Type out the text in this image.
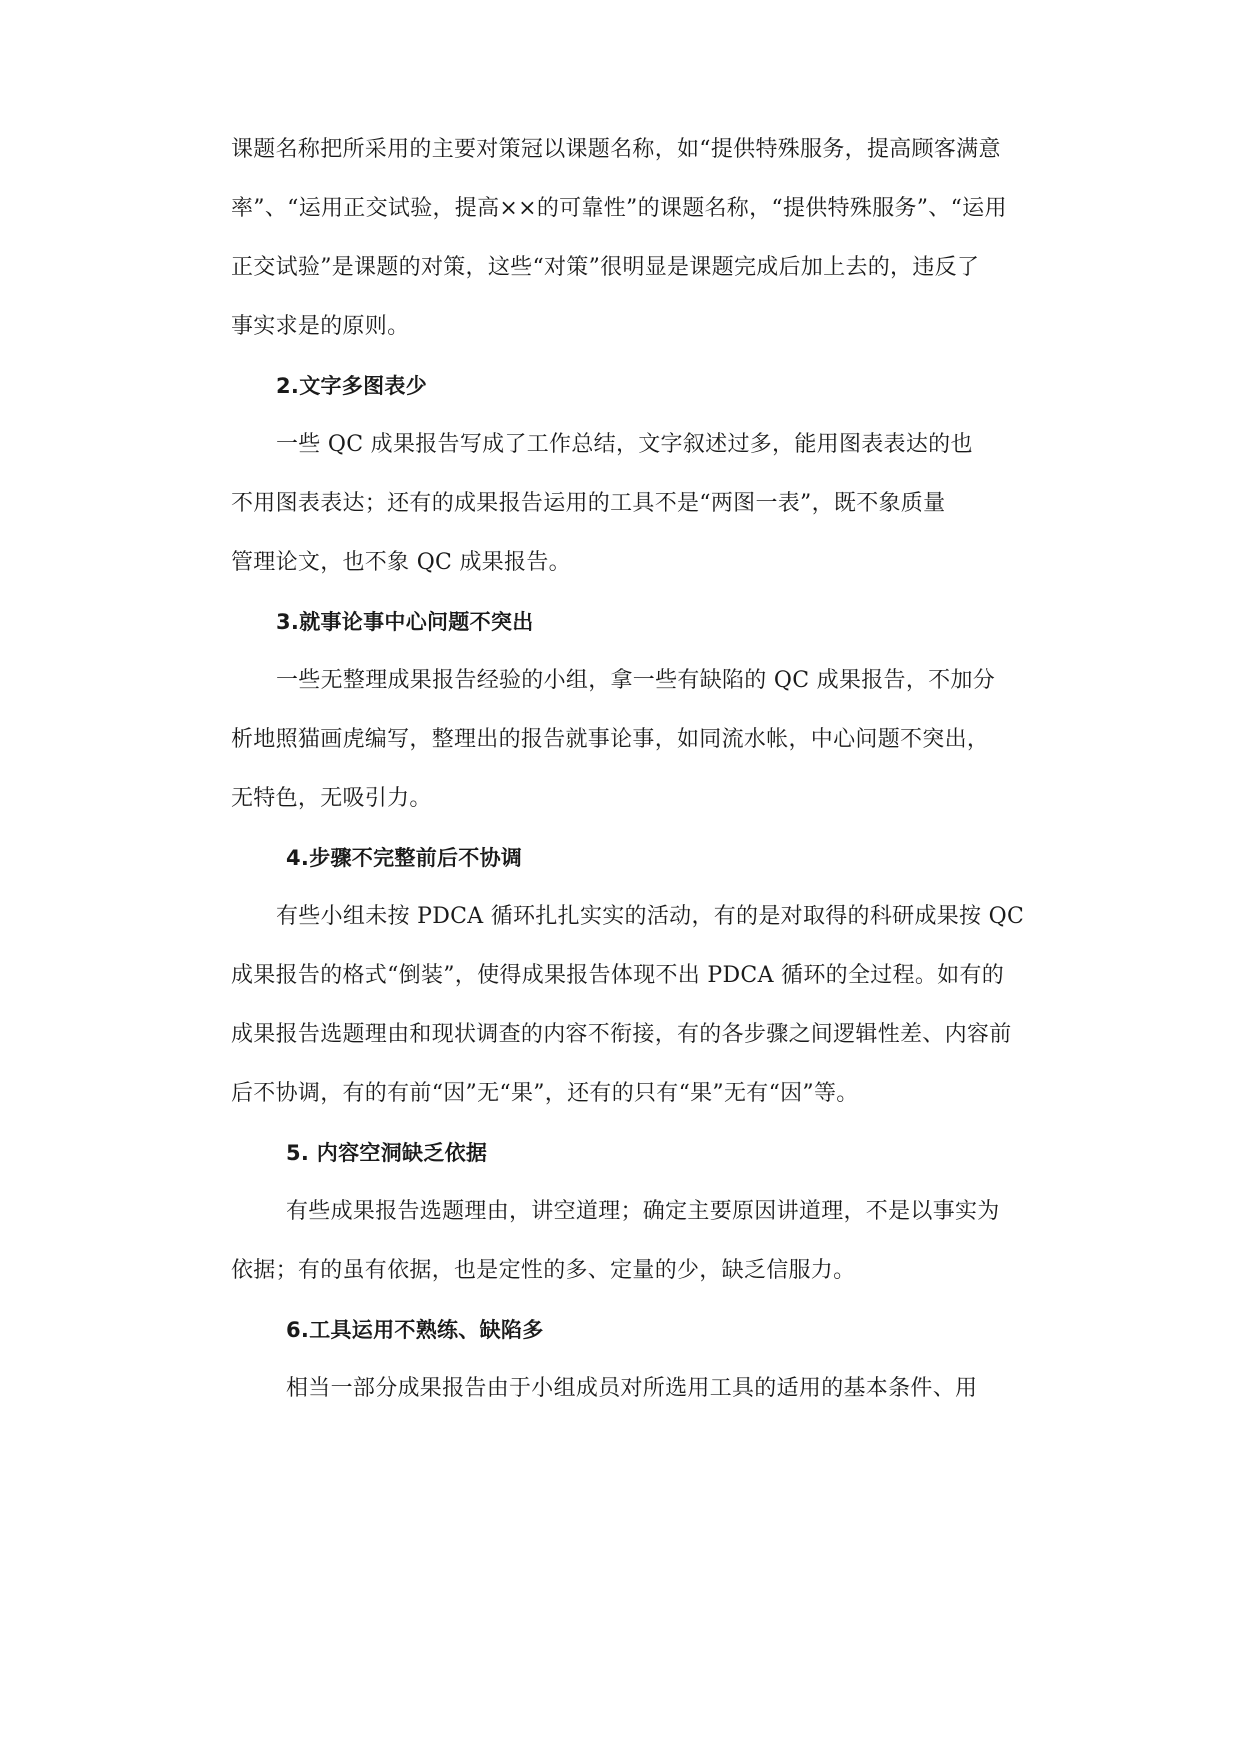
课题名称把所采用的主要对策冠以课题名称，如“提供特殊服务，提高顾客满意
率”、“运用正交试验，提高××的可靠性”的课题名称，“提供特殊服务”、“运用
正交试验”是课题的对策，这些“对策”很明显是课题完成后加上去的，违反了
事实求是的原则。
2.文字多图表少
一些 QC 成果报告写成了工作总结，文字叙述过多，能用图表表达的也
不用图表表达；还有的成果报告运用的工具不是“两图一表”，既不象质量
管理论文，也不象 QC 成果报告。
3.就事论事中心问题不突出
一些无整理成果报告经验的小组，拿一些有缺陷的 QC 成果报告，不加分
析地照猫画虎编写，整理出的报告就事论事，如同流水帐，中心问题不突出，
无特色，无吸引力。
4.步骤不完整前后不协调
有些小组未按 PDCA 循环扎扎实实的活动，有的是对取得的科研成果按 QC
成果报告的格式“倒装”，使得成果报告体现不出 PDCA 循环的全过程。如有的
成果报告选题理由和现状调查的内容不衔接，有的各步骤之间逻辑性差、内容前
后不协调，有的有前“因”无“果”，还有的只有“果”无有“因”等。
5. 内容空洞缺乏依据
有些成果报告选题理由，讲空道理；确定主要原因讲道理，不是以事实为
依据；有的虽有依据，也是定性的多、定量的少，缺乏信服力。
6.工具运用不熟练、缺陷多
相当一部分成果报告由于小组成员对所选用工具的适用的基本条件、用
